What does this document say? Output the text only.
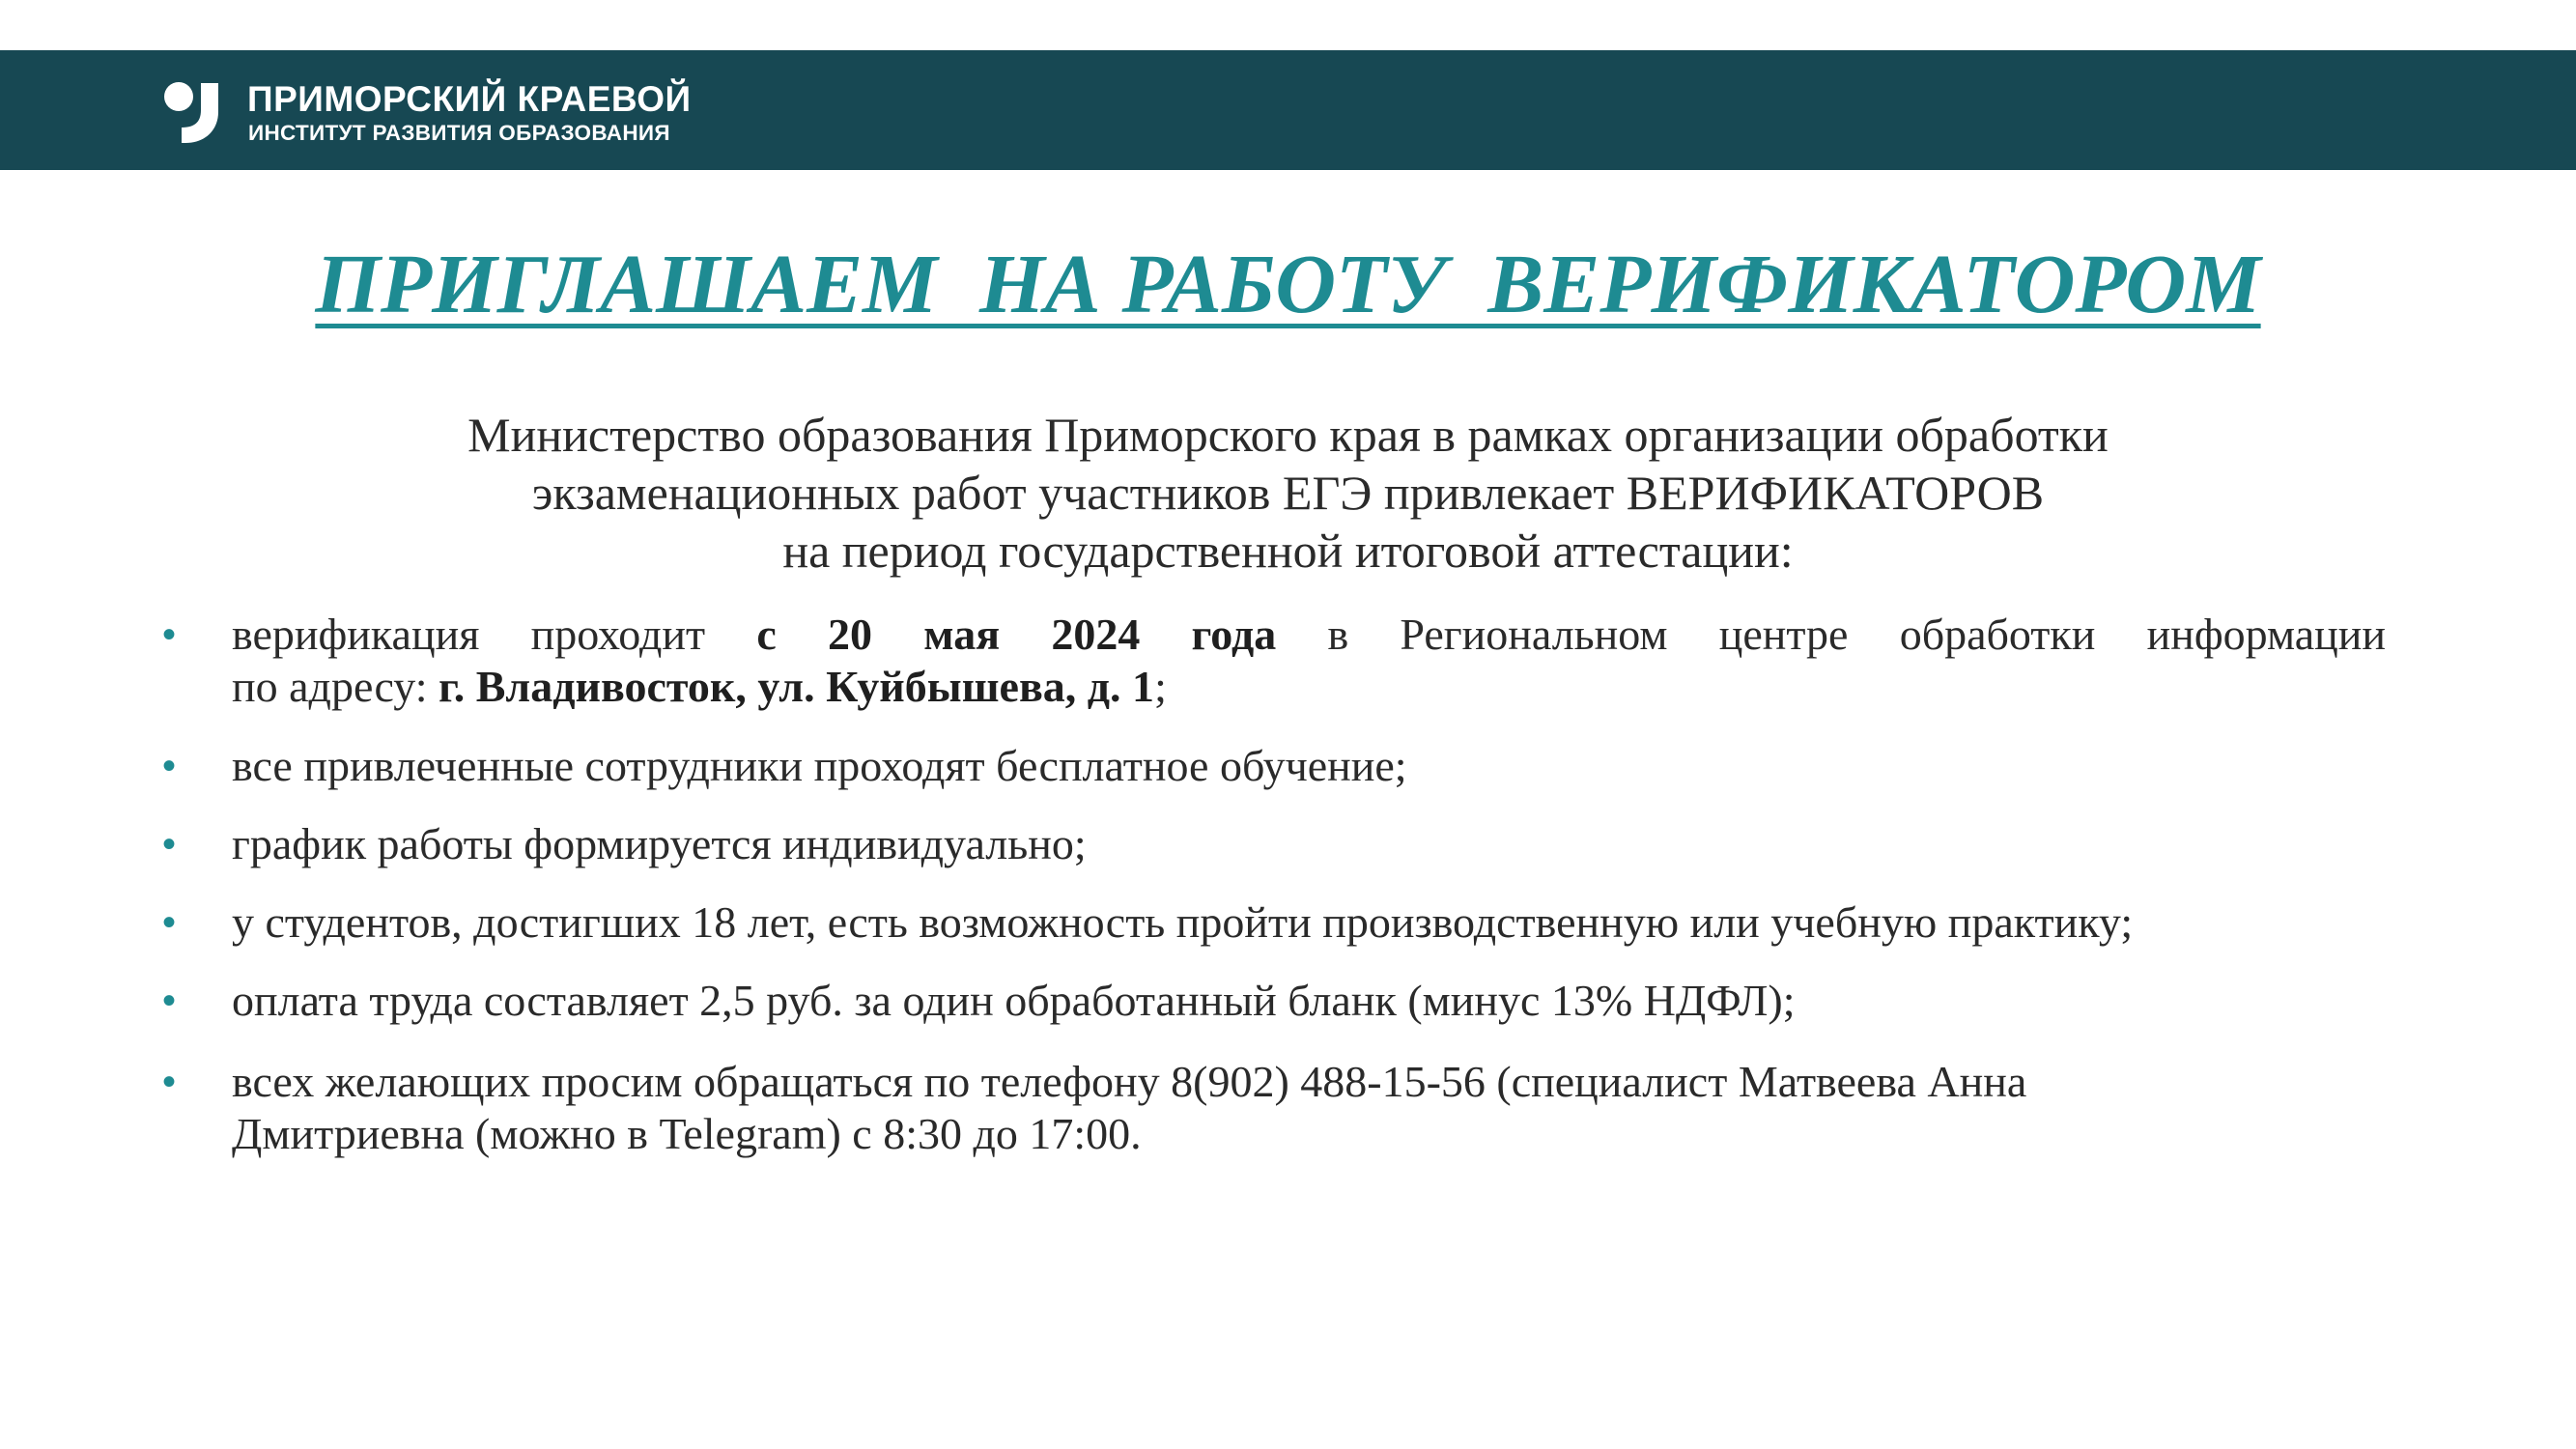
ПРИМОРСКИЙ КРАЕВОЙ
ИНСТИТУТ РАЗВИТИЯ ОБРАЗОВАНИЯ
ПРИГЛАШАЕМ  НА РАБОТУ  ВЕРИФИКАТОРОМ
Министерство образования Приморского края в рамках организации обработки
экзаменационных работ участников ЕГЭ привлекает ВЕРИФИКАТОРОВ
на период государственной итоговой аттестации:
• верификация проходит с 20 мая 2024 года в Региональном центре обработки информации
по адресу: г. Владивосток, ул. Куйбышева, д. 1;
• все привлеченные сотрудники проходят бесплатное обучение;
• график работы формируется индивидуально;
• у студентов, достигших 18 лет, есть возможность пройти производственную или учебную практику;
• оплата труда составляет 2,5 руб. за один обработанный бланк (минус 13% НДФЛ);
• всех желающих просим обращаться по телефону 8(902) 488-15-56 (специалист Матвеева Анна
Дмитриевна (можно в Telegram) с 8:30 до 17:00.
